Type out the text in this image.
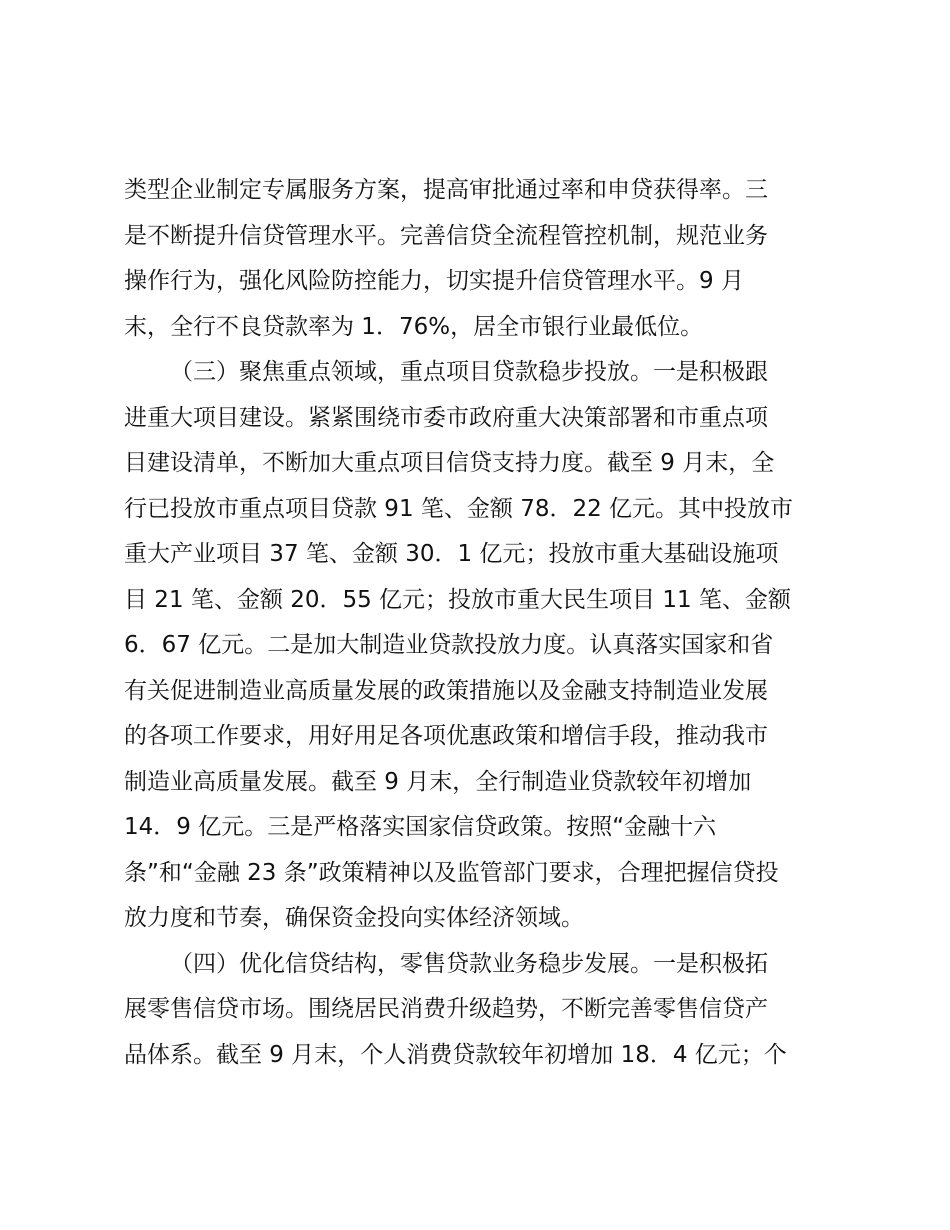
类型企业制定专属服务方案，提高审批通过率和申贷获得率。三
是不断提升信贷管理水平。完善信贷全流程管控机制，规范业务
操作行为，强化风险防控能力，切实提升信贷管理水平。9 月
末，全行不良贷款率为 1．76%，居全市银行业最低位。
（三）聚焦重点领域，重点项目贷款稳步投放。一是积极跟
进重大项目建设。紧紧围绕市委市政府重大决策部署和市重点项
目建设清单，不断加大重点项目信贷支持力度。截至 9 月末，全
行已投放市重点项目贷款 91 笔、金额 78．22 亿元。其中投放市
重大产业项目 37 笔、金额 30．1 亿元；投放市重大基础设施项
目 21 笔、金额 20．55 亿元；投放市重大民生项目 11 笔、金额
6．67 亿元。二是加大制造业贷款投放力度。认真落实国家和省
有关促进制造业高质量发展的政策措施以及金融支持制造业发展
的各项工作要求，用好用足各项优惠政策和增信手段，推动我市
制造业高质量发展。截至 9 月末，全行制造业贷款较年初增加
14．9 亿元。三是严格落实国家信贷政策。按照“金融十六
条”和“金融 23 条”政策精神以及监管部门要求，合理把握信贷投
放力度和节奏，确保资金投向实体经济领域。
（四）优化信贷结构，零售贷款业务稳步发展。一是积极拓
展零售信贷市场。围绕居民消费升级趋势，不断完善零售信贷产
品体系。截至 9 月末，个人消费贷款较年初增加 18．4 亿元；个
